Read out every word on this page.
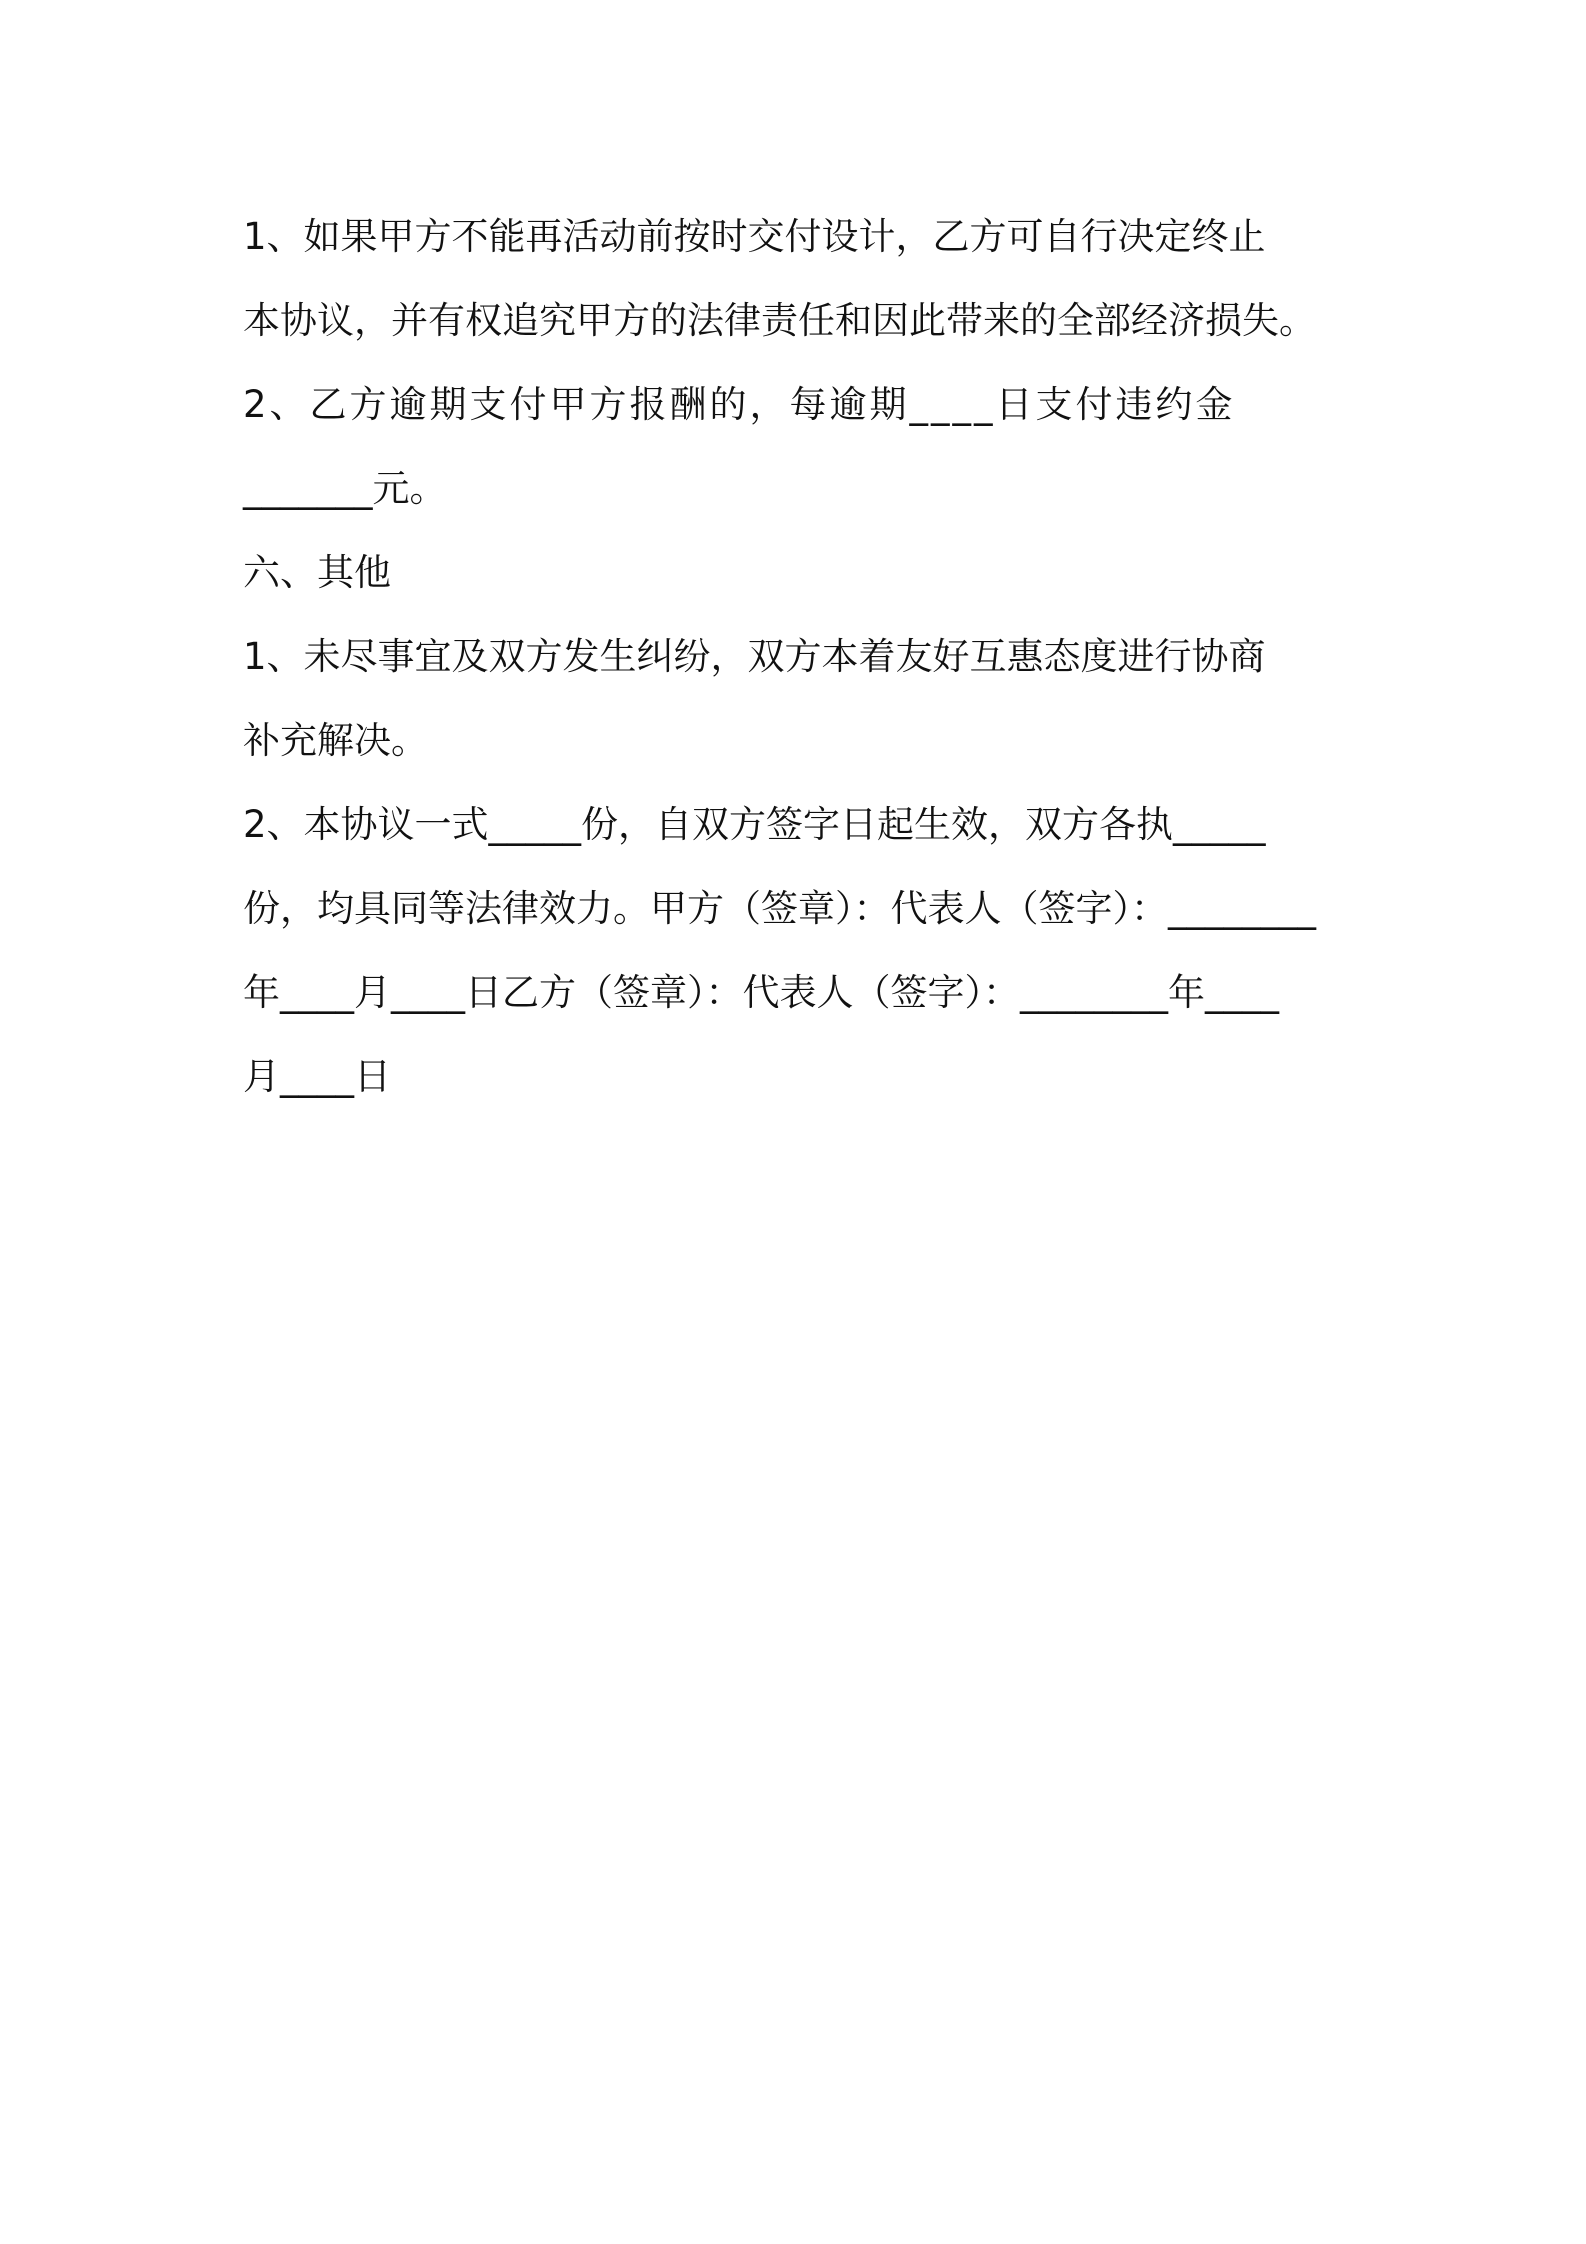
1、如果甲方不能再活动前按时交付设计，乙方可自行决定终止
本协议，并有权追究甲方的法律责任和因此带来的全部经济损失。
2、乙方逾期支付甲方报酬的，每逾期____日支付违约金
_______元。
六、其他
1、未尽事宜及双方发生纠纷，双方本着友好互惠态度进行协商
补充解决。
2、本协议一式_____份，自双方签字日起生效，双方各执_____
份，均具同等法律效力。甲方（签章）：代表人（签字）：________
年____月____日乙方（签章）：代表人（签字）：________年____
月____日
